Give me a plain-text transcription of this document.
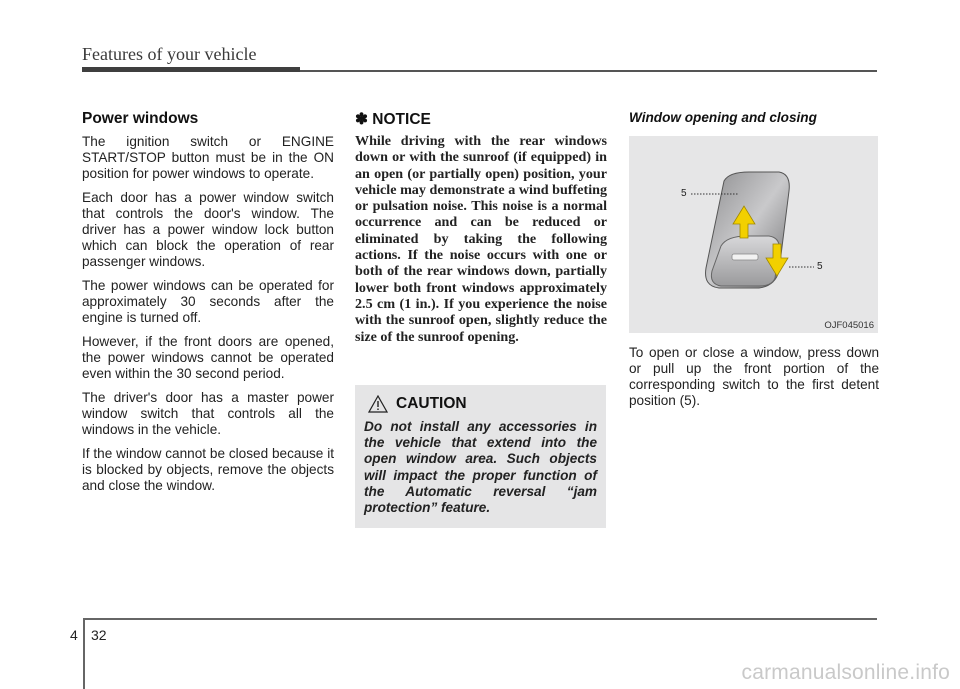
Features of your vehicle
Power windows

The ignition switch or ENGINE START/STOP button must be in the ON position for power windows to operate.

Each door has a power window switch that controls the door's window. The driver has a power window lock button which can block the operation of rear passenger windows.

The power windows can be operated for approximately 30 seconds after the engine is turned off.

However, if the front doors are opened, the power windows cannot be operated even within the 30 second period.

The driver's door has a master power window switch that controls all the windows in the vehicle.

If the window cannot be closed because it is blocked by objects, remove the objects and close the window.

✽ NOTICE

While driving with the rear windows down or with the sunroof (if equipped) in an open (or partially open) position, your vehicle may demonstrate a wind buffeting or pulsation noise. This noise is a normal occurrence and can be reduced or eliminated by taking the following actions. If the noise occurs with one or both of the rear windows down, partially lower both front windows approximately 2.5 cm (1 in.). If you experience the noise with the sunroof open, slightly reduce the size of the sunroof opening.

CAUTION

Do not install any accessories in the vehicle that extend into the open window area. Such objects will impact the proper function of the Automatic reversal “jam protection” feature.

Window opening and closing
5
5
OJF045016

To open or close a window, press down or pull up the front portion of the corresponding switch to the first detent position (5).

4 32
carmanualsonline.info
